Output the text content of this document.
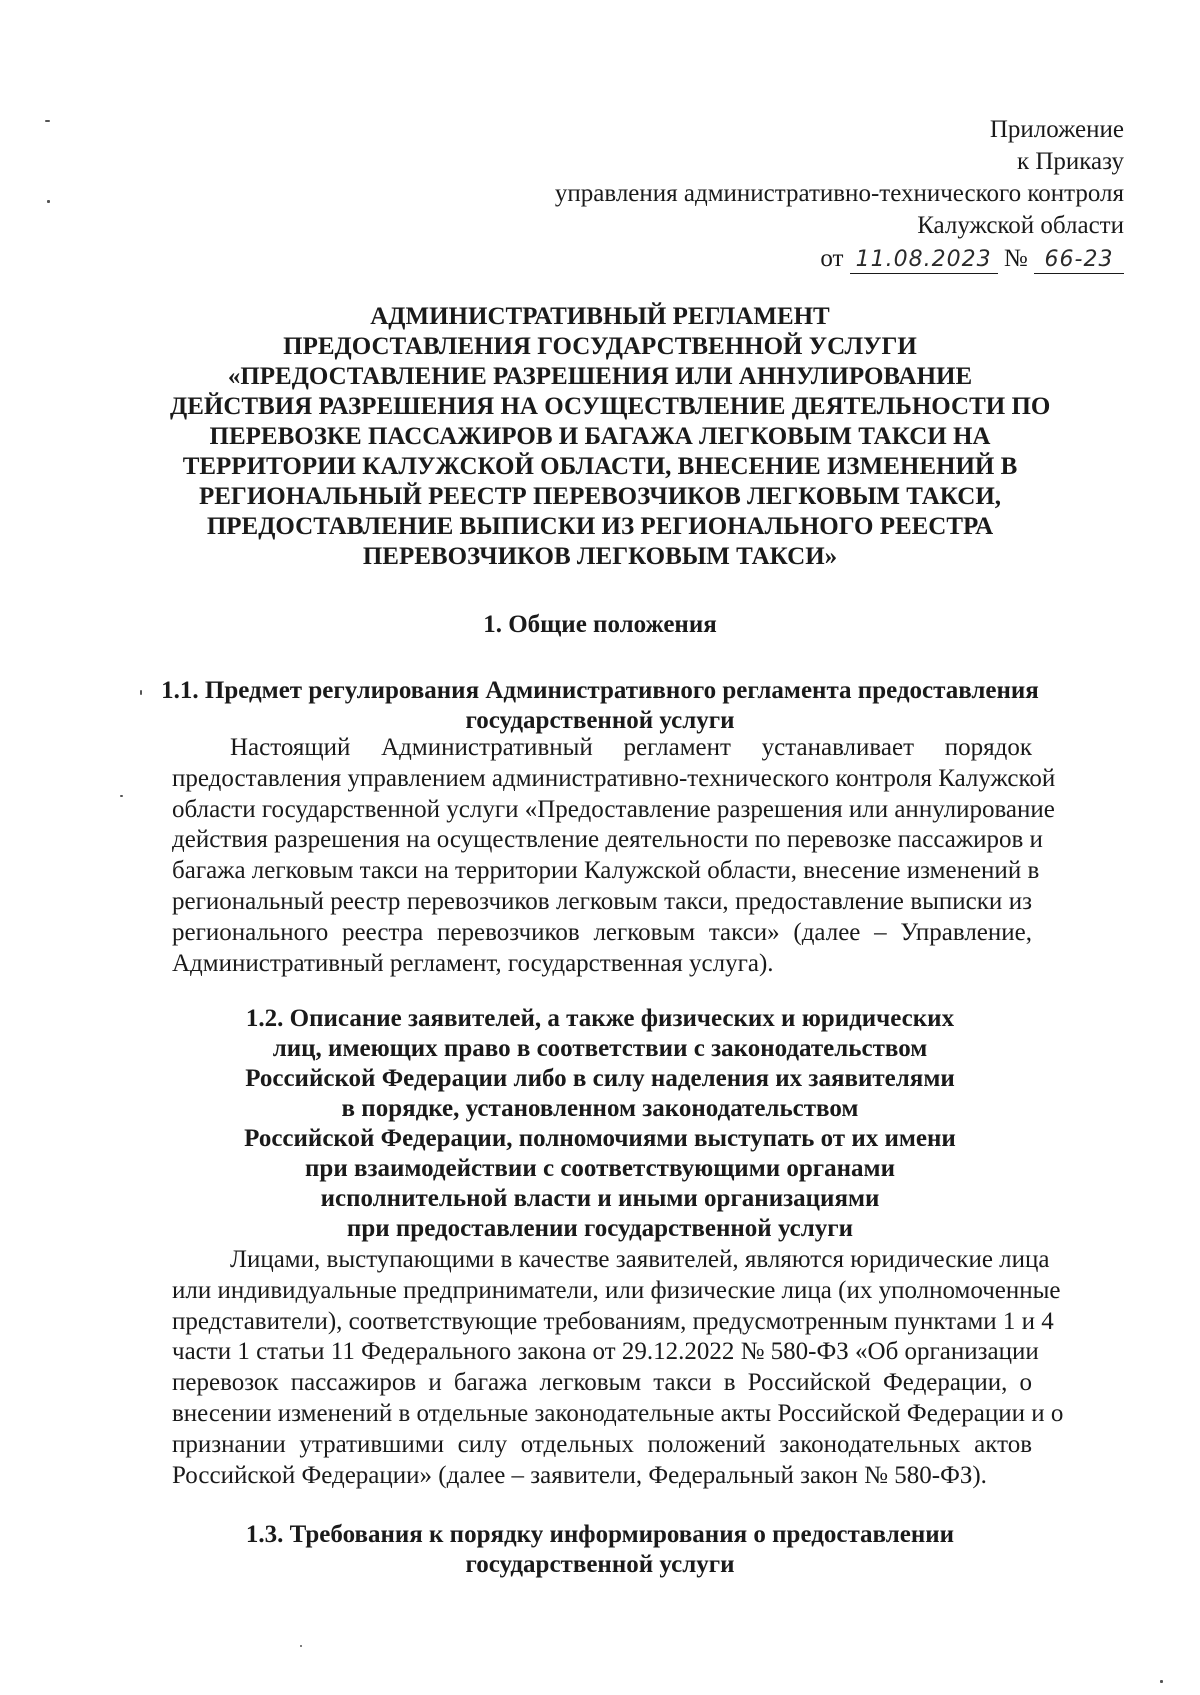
Приложение
к Приказу
управления административно-технического контроля
Калужской области
от 11.08.2023 № 66-23
АДМИНИСТРАТИВНЫЙ РЕГЛАМЕНТ
ПРЕДОСТАВЛЕНИЯ ГОСУДАРСТВЕННОЙ УСЛУГИ
«ПРЕДОСТАВЛЕНИЕ РАЗРЕШЕНИЯ ИЛИ АННУЛИРОВАНИЕ
ДЕЙСТВИЯ РАЗРЕШЕНИЯ НА ОСУЩЕСТВЛЕНИЕ ДЕЯТЕЛЬНОСТИ ПО
ПЕРЕВОЗКЕ ПАССАЖИРОВ И БАГАЖА ЛЕГКОВЫМ ТАКСИ НА
ТЕРРИТОРИИ КАЛУЖСКОЙ ОБЛАСТИ, ВНЕСЕНИЕ ИЗМЕНЕНИЙ В
РЕГИОНАЛЬНЫЙ РЕЕСТР ПЕРЕВОЗЧИКОВ ЛЕГКОВЫМ ТАКСИ,
ПРЕДОСТАВЛЕНИЕ ВЫПИСКИ ИЗ РЕГИОНАЛЬНОГО РЕЕСТРА
ПЕРЕВОЗЧИКОВ ЛЕГКОВЫМ ТАКСИ»
1. Общие положения
1.1. Предмет регулирования Административного регламента предоставления
государственной услуги
Настоящий Административный регламент устанавливает порядок
предоставления управлением административно-технического контроля Калужской
области государственной услуги «Предоставление разрешения или аннулирование
действия разрешения на осуществление деятельности по перевозке пассажиров и
багажа легковым такси на территории Калужской области, внесение изменений в
региональный реестр перевозчиков легковым такси, предоставление выписки из
регионального реестра перевозчиков легковым такси» (далее – Управление,
Административный регламент, государственная услуга).
1.2. Описание заявителей, а также физических и юридических
лиц, имеющих право в соответствии с законодательством
Российской Федерации либо в силу наделения их заявителями
в порядке, установленном законодательством
Российской Федерации, полномочиями выступать от их имени
при взаимодействии с соответствующими органами
исполнительной власти и иными организациями
при предоставлении государственной услуги
Лицами, выступающими в качестве заявителей, являются юридические лица
или индивидуальные предприниматели, или физические лица (их уполномоченные
представители), соответствующие требованиям, предусмотренным пунктами 1 и 4
части 1 статьи 11 Федерального закона от 29.12.2022 № 580-ФЗ «Об организации
перевозок пассажиров и багажа легковым такси в Российской Федерации, о
внесении изменений в отдельные законодательные акты Российской Федерации и о
признании утратившими силу отдельных положений законодательных актов
Российской Федерации» (далее – заявители, Федеральный закон № 580-ФЗ).
1.3. Требования к порядку информирования о предоставлении
государственной услуги
